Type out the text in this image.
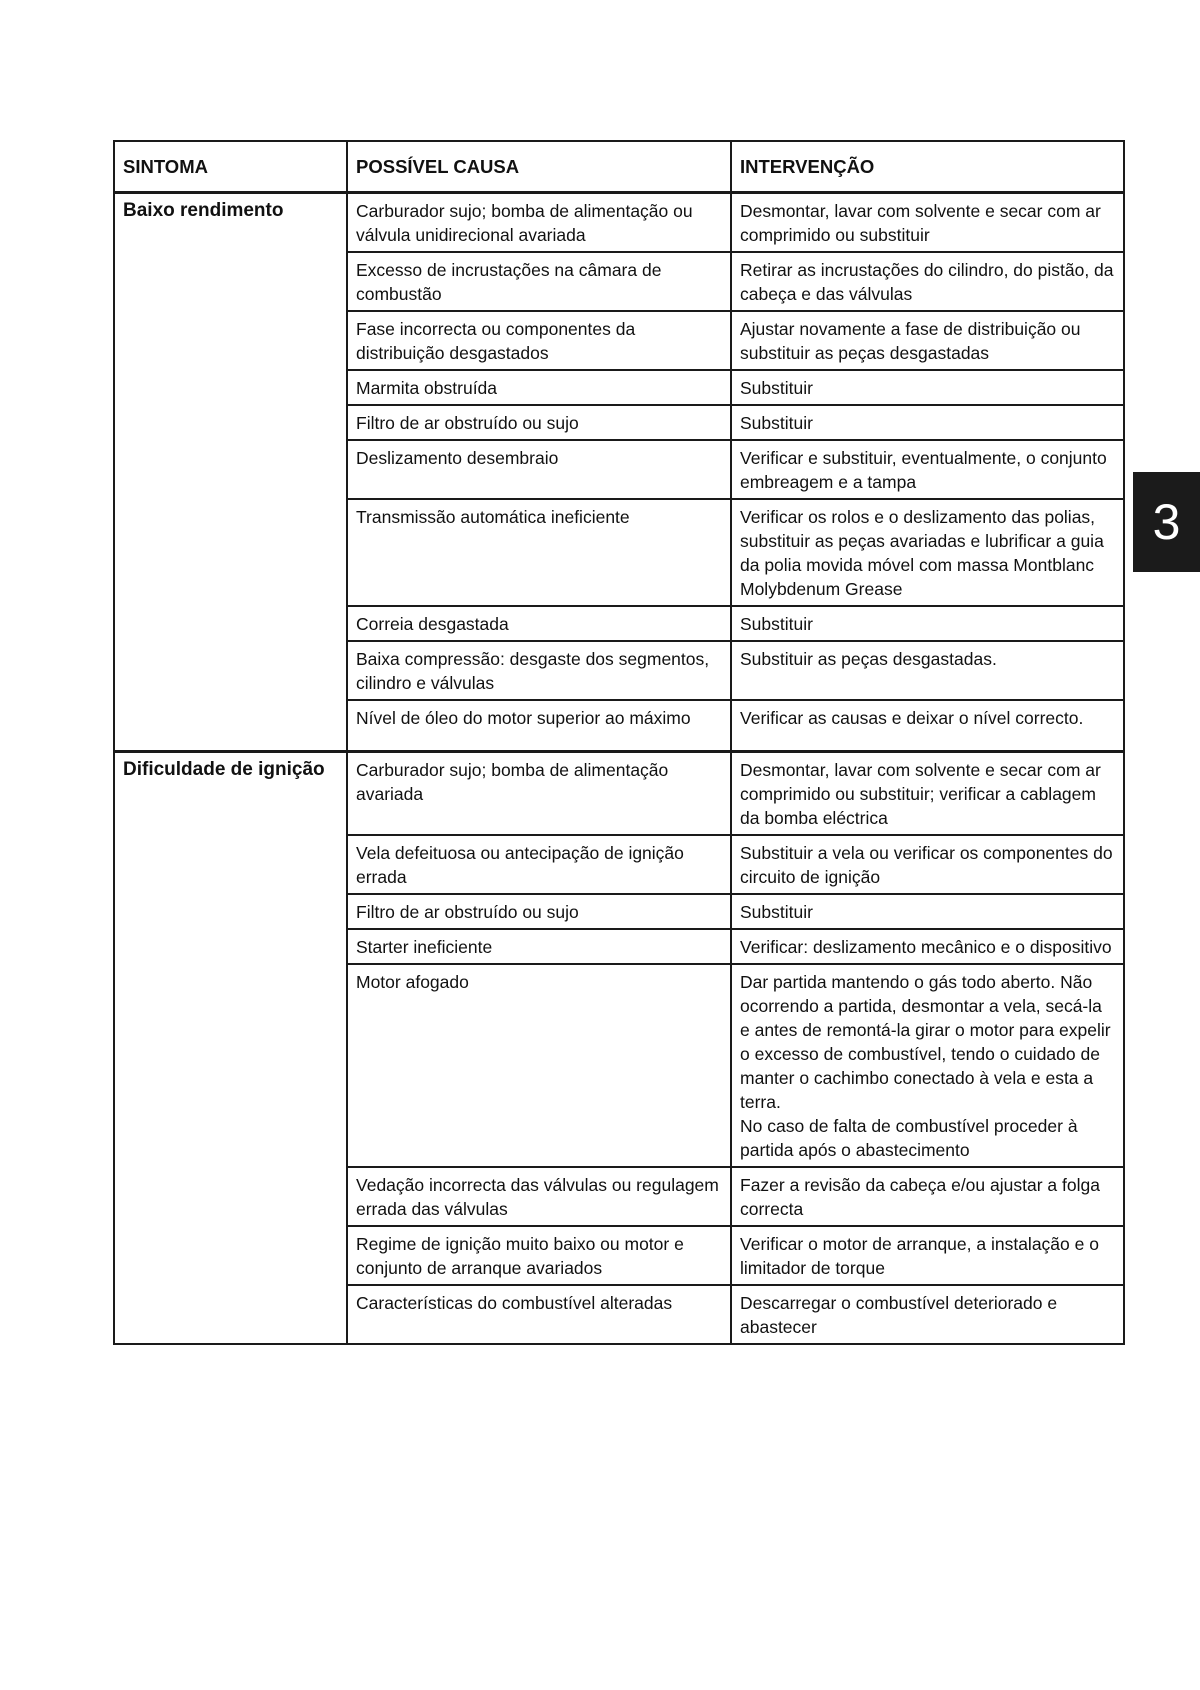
3
SINTOMA	POSSÍVEL CAUSA	INTERVENÇÃO
Baixo rendimento	Carburador sujo; bomba de alimentação ou válvula unidirecional avariada	Desmontar, lavar com solvente e secar com ar comprimido ou substituir
	Excesso de incrustações na câmara de combustão	Retirar as incrustações do cilindro, do pistão, da cabeça e das válvulas
	Fase incorrecta ou componentes da distribuição desgastados	Ajustar novamente a fase de distribuição ou substituir as peças desgastadas
	Marmita obstruída	Substituir
	Filtro de ar obstruído ou sujo	Substituir
	Deslizamento desembraio	Verificar e substituir, eventualmente, o conjunto embreagem e a tampa
	Transmissão automática ineficiente	Verificar os rolos e o deslizamento das polias, substituir as peças avariadas e lubrificar a guia da polia movida móvel com massa Montblanc Molybdenum Grease
	Correia desgastada	Substituir
	Baixa compressão: desgaste dos segmentos, cilindro e válvulas	Substituir as peças desgastadas.
	Nível de óleo do motor superior ao máximo	Verificar as causas e deixar o nível correcto.
Dificuldade de ignição	Carburador sujo; bomba de alimentação avariada	Desmontar, lavar com solvente e secar com ar comprimido ou substituir; verificar a cablagem da bomba eléctrica
	Vela defeituosa ou antecipação de ignição errada	Substituir a vela ou verificar os componentes do circuito de ignição
	Filtro de ar obstruído ou sujo	Substituir
	Starter ineficiente	Verificar: deslizamento mecânico e o dispositivo
	Motor afogado	Dar partida mantendo o gás todo aberto. Não ocorrendo a partida, desmontar a vela, secá-la e antes de remontá-la girar o motor para expelir o excesso de combustível, tendo o cuidado de manter o cachimbo conectado à vela e esta a terra.
No caso de falta de combustível proceder à partida após o abastecimento

	Vedação incorrecta das válvulas ou regulagem errada das válvulas	Fazer a revisão da cabeça e/ou ajustar a folga correcta
	Regime de ignição muito baixo ou motor e conjunto de arranque avariados	Verificar o motor de arranque, a instalação e o limitador de torque
	Características do combustível alteradas	Descarregar o combustível deteriorado e abastecer
